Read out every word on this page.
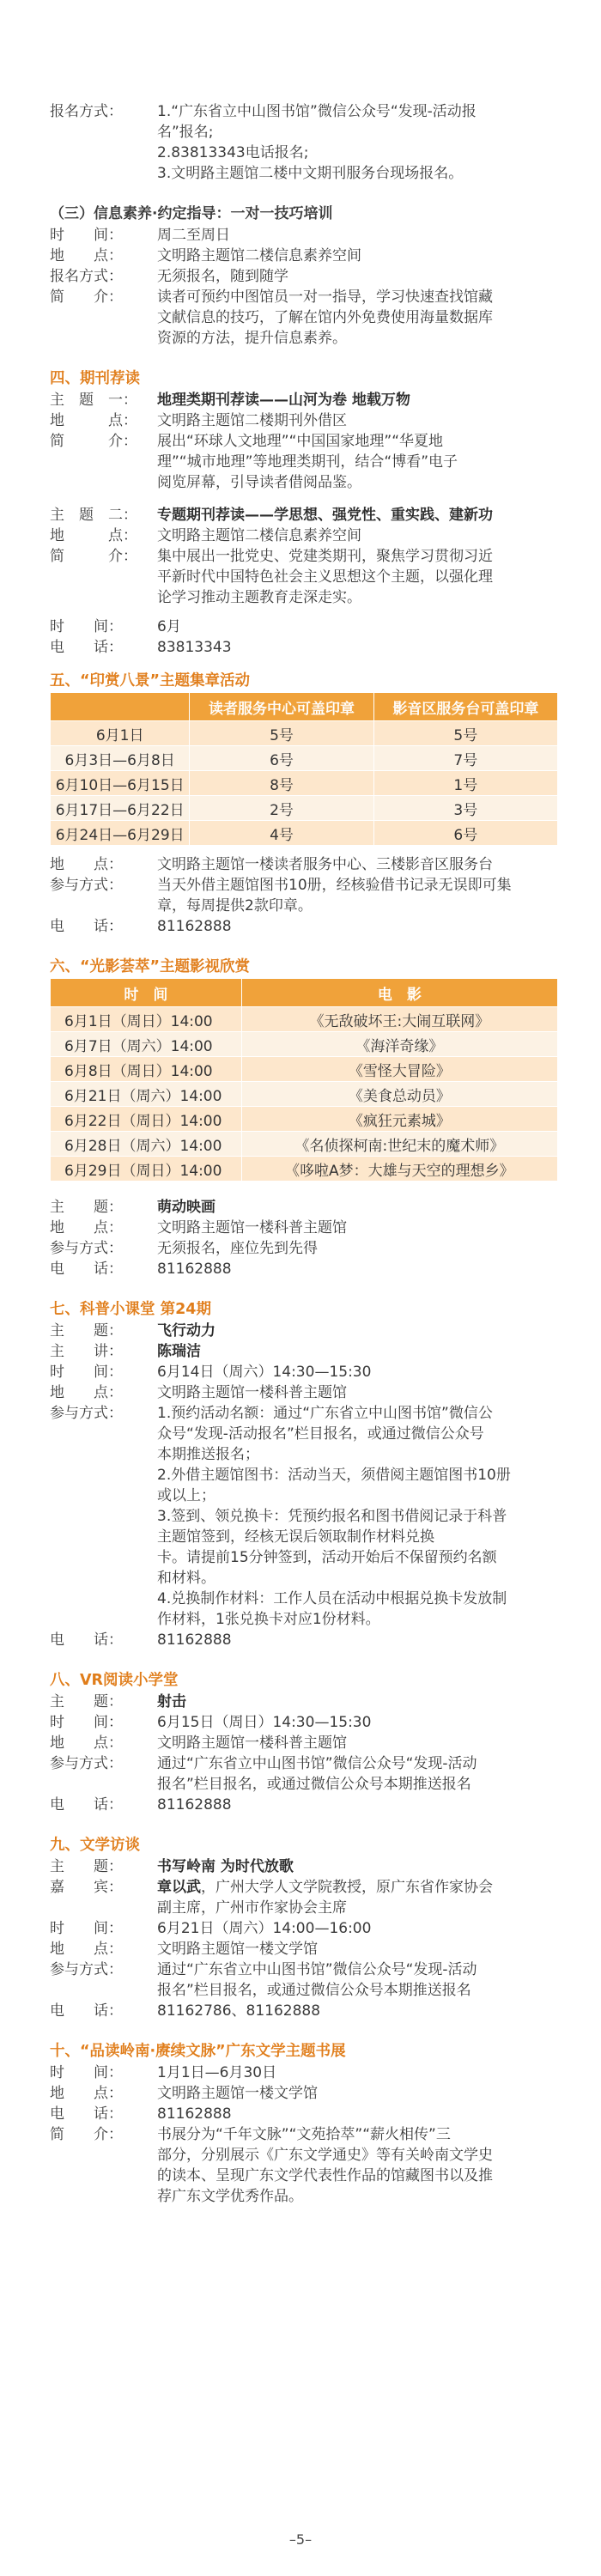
报名方式：	1.“广东省立中山图书馆”微信公众号“发现-活动报
名”报名;
2.83813343电话报名;
3.文明路主题馆二楼中文期刊服务台现场报名。
（三）信息素养·约定指导：一对一技巧培训
时　　间：	周二至周日
地　　点：	文明路主题馆二楼信息素养空间
报名方式：	无须报名，随到随学
简　　介：	读者可预约中图馆员一对一指导，学习快速查找馆藏
文献信息的技巧，了解在馆内外免费使用海量数据库
资源的方法，提升信息素养。
四、期刊荐读
主　题　一：	地理类期刊荐读——山河为卷 地载万物
地　　　点：	文明路主题馆二楼期刊外借区
简　　　介：	展出“环球人文地理”“中国国家地理”“华夏地
理”“城市地理”等地理类期刊，结合“博看”电子
阅览屏幕，引导读者借阅品鉴。
主　题　二：	专题期刊荐读——学思想、强党性、重实践、建新功
地　　　点：	文明路主题馆二楼信息素养空间
简　　　介：	集中展出一批党史、党建类期刊，聚焦学习贯彻习近
平新时代中国特色社会主义思想这个主题，以强化理
论学习推动主题教育走深走实。
时　　间：	6月
电　　话：	83813343
五、“印赏八景”主题集章活动
	读者服务中心可盖印章	影音区服务台可盖印章
6月1日	5号	5号
6月3日—6月8日	6号	7号
6月10日—6月15日	8号	1号
6月17日—6月22日	2号	3号
6月24日—6月29日	4号	6号
地　　点：	文明路主题馆一楼读者服务中心、三楼影音区服务台
参与方式：	当天外借主题馆图书10册，经核验借书记录无误即可集
章，每周提供2款印章。
电　　话：	81162888
六、“光影荟萃”主题影视欣赏
时　间	电　影
6月1日（周日）14:00	《无敌破坏王:大闹互联网》
6月7日（周六）14:00	《海洋奇缘》
6月8日（周日）14:00	《雪怪大冒险》
6月21日（周六）14:00	《美食总动员》
6月22日（周日）14:00	《疯狂元素城》
6月28日（周六）14:00	《名侦探柯南:世纪末的魔术师》
6月29日（周日）14:00	《哆啦A梦：大雄与天空的理想乡》
主　　题：	萌动映画
地　　点：	文明路主题馆一楼科普主题馆
参与方式：	无须报名，座位先到先得
电　　话：	81162888
七、科普小课堂 第24期
主　　题：	飞行动力
主　　讲：	陈瑞洁
时　　间：	6月14日（周六）14:30—15:30
地　　点：	文明路主题馆一楼科普主题馆
参与方式：	1.预约活动名额：通过“广东省立中山图书馆”微信公
众号“发现-活动报名”栏目报名，或通过微信公众号
本期推送报名；
2.外借主题馆图书：活动当天，须借阅主题馆图书10册
或以上；
3.签到、领兑换卡：凭预约报名和图书借阅记录于科普
主题馆签到，经核无误后领取制作材料兑换
卡。请提前15分钟签到，活动开始后不保留预约名额
和材料。
4.兑换制作材料：工作人员在活动中根据兑换卡发放制
作材料，1张兑换卡对应1份材料。
电　　话：	81162888
八、VR阅读小学堂
主　　题：	射击
时　　间：	6月15日（周日）14:30—15:30
地　　点：	文明路主题馆一楼科普主题馆
参与方式：	通过“广东省立中山图书馆”微信公众号“发现-活动
报名”栏目报名，或通过微信公众号本期推送报名
电　　话：	81162888
九、文学访谈
主　　题：	书写岭南 为时代放歌
嘉　　宾：	章以武，广州大学人文学院教授，原广东省作家协会
副主席，广州市作家协会主席
时　　间：	6月21日（周六）14:00—16:00
地　　点：	文明路主题馆一楼文学馆
参与方式：	通过“广东省立中山图书馆”微信公众号“发现-活动
报名”栏目报名，或通过微信公众号本期推送报名
电　　话：	81162786、81162888
十、“品读岭南·赓续文脉”广东文学主题书展
时　　间：	1月1日—6月30日
地　　点：	文明路主题馆一楼文学馆
电　　话：	81162888
简　　介：	书展分为“千年文脉”“文苑拾萃”“薪火相传”三
部分，分别展示《广东文学通史》等有关岭南文学史
的读本、呈现广东文学代表性作品的馆藏图书以及推
荐广东文学优秀作品。
–5–
